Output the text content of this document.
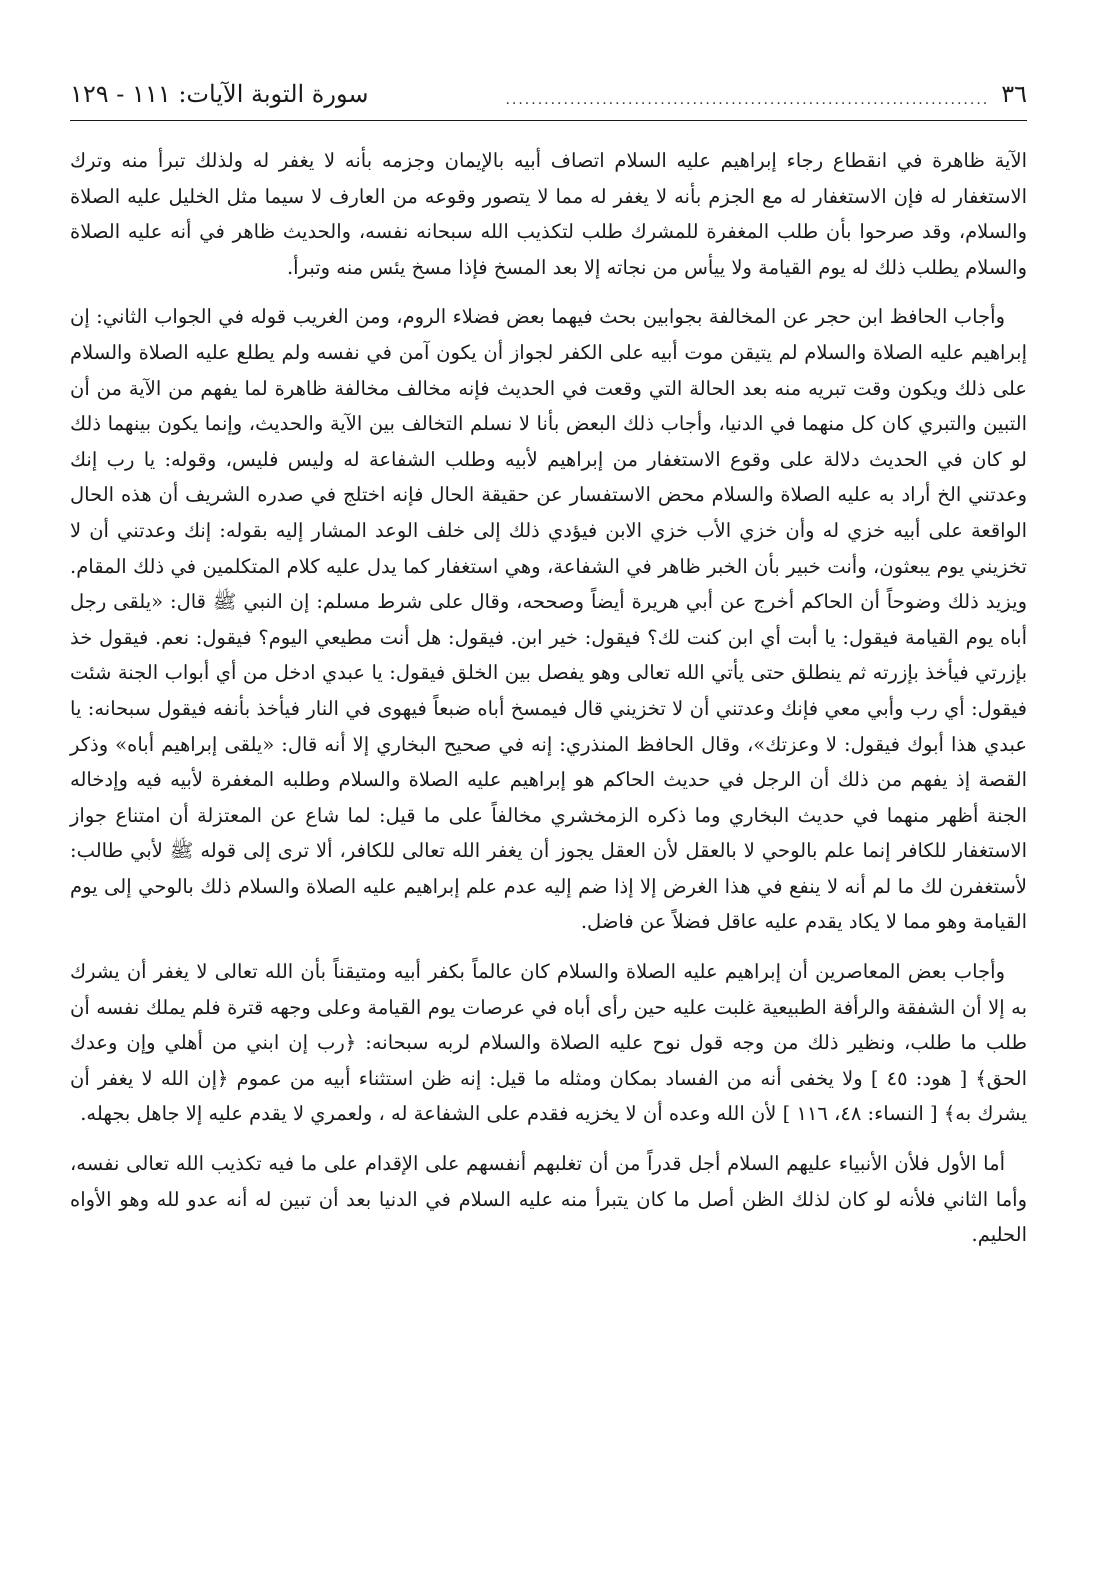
٣٦
...........................................................................
سورة التوبة الآيات: ١١١ - ١٢٩

الآية ظاهرة في انقطاع رجاء إبراهيم عليه السلام اتصاف أبيه بالإيمان وجزمه بأنه لا يغفر له ولذلك تبرأ منه وترك الاستغفار له فإن الاستغفار له مع الجزم بأنه لا يغفر له مما لا يتصور وقوعه من العارف لا سيما مثل الخليل عليه الصلاة والسلام، وقد صرحوا بأن طلب المغفرة للمشرك طلب لتكذيب الله سبحانه نفسه، والحديث ظاهر في أنه عليه الصلاة والسلام يطلب ذلك له يوم القيامة ولا ييأس من نجاته إلا بعد المسخ فإذا مسخ يئس منه وتبرأ.

وأجاب الحافظ ابن حجر عن المخالفة بجوابين بحث فيهما بعض فضلاء الروم، ومن الغريب قوله في الجواب الثاني: إن إبراهيم عليه الصلاة والسلام لم يتيقن موت أبيه على الكفر لجواز أن يكون آمن في نفسه ولم يطلع عليه الصلاة والسلام على ذلك ويكون وقت تبريه منه بعد الحالة التي وقعت في الحديث فإنه مخالف مخالفة ظاهرة لما يفهم من الآية من أن التبين والتبري كان كل منهما في الدنيا، وأجاب ذلك البعض بأنا لا نسلم التخالف بين الآية والحديث، وإنما يكون بينهما ذلك لو كان في الحديث دلالة على وقوع الاستغفار من إبراهيم لأبيه وطلب الشفاعة له وليس فليس، وقوله: يا رب إنك وعدتني الخ أراد به عليه الصلاة والسلام محض الاستفسار عن حقيقة الحال فإنه اختلج في صدره الشريف أن هذه الحال الواقعة على أبيه خزي له وأن خزي الأب خزي الابن فيؤدي ذلك إلى خلف الوعد المشار إليه بقوله: إنك وعدتني أن لا تخزيني يوم يبعثون، وأنت خبير بأن الخبر ظاهر في الشفاعة، وهي استغفار كما يدل عليه كلام المتكلمين في ذلك المقام. ويزيد ذلك وضوحاً أن الحاكم أخرج عن أبي هريرة أيضاً وصححه، وقال على شرط مسلم: إن النبي ﷺ قال: «يلقى رجل أباه يوم القيامة فيقول: يا أبت أي ابن كنت لك؟ فيقول: خير ابن. فيقول: هل أنت مطيعي اليوم؟ فيقول: نعم. فيقول خذ بإزرتي فيأخذ بإزرته ثم ينطلق حتى يأتي الله تعالى وهو يفصل بين الخلق فيقول: يا عبدي ادخل من أي أبواب الجنة شئت فيقول: أي رب وأبي معي فإنك وعدتني أن لا تخزيني قال فيمسخ أباه ضبعاً فيهوى في النار فيأخذ بأنفه فيقول سبحانه: يا عبدي هذا أبوك فيقول: لا وعزتك»، وقال الحافظ المنذري: إنه في صحيح البخاري إلا أنه قال: «يلقى إبراهيم أباه» وذكر القصة إذ يفهم من ذلك أن الرجل في حديث الحاكم هو إبراهيم عليه الصلاة والسلام وطلبه المغفرة لأبيه فيه وإدخاله الجنة أظهر منهما في حديث البخاري وما ذكره الزمخشري مخالفاً على ما قيل: لما شاع عن المعتزلة أن امتناع جواز الاستغفار للكافر إنما علم بالوحي لا بالعقل لأن العقل يجوز أن يغفر الله تعالى للكافر، ألا ترى إلى قوله ﷺ لأبي طالب: لأستغفرن لك ما لم أنه لا ينفع في هذا الغرض إلا إذا ضم إليه عدم علم إبراهيم عليه الصلاة والسلام ذلك بالوحي إلى يوم القيامة وهو مما لا يكاد يقدم عليه عاقل فضلاً عن فاضل.

وأجاب بعض المعاصرين أن إبراهيم عليه الصلاة والسلام كان عالماً بكفر أبيه ومتيقناً بأن الله تعالى لا يغفر أن يشرك به إلا أن الشفقة والرأفة الطبيعية غلبت عليه حين رأى أباه في عرصات يوم القيامة وعلى وجهه قترة فلم يملك نفسه أن طلب ما طلب، ونظير ذلك من وجه قول نوح عليه الصلاة والسلام لربه سبحانه: ﴿رب إن ابني من أهلي وإن وعدك الحق﴾ [ هود: ٤٥ ] ولا يخفى أنه من الفساد بمكان ومثله ما قيل: إنه ظن استثناء أبيه من عموم ﴿إن الله لا يغفر أن يشرك به﴾ [ النساء: ٤٨، ١١٦ ] لأن الله وعده أن لا يخزيه فقدم على الشفاعة له ، ولعمري لا يقدم عليه إلا جاهل بجهله.

أما الأول فلأن الأنبياء عليهم السلام أجل قدراً من أن تغلبهم أنفسهم على الإقدام على ما فيه تكذيب الله تعالى نفسه، وأما الثاني فلأنه لو كان لذلك الظن أصل ما كان يتبرأ منه عليه السلام في الدنيا بعد أن تبين له أنه عدو لله وهو الأواه الحليم.
